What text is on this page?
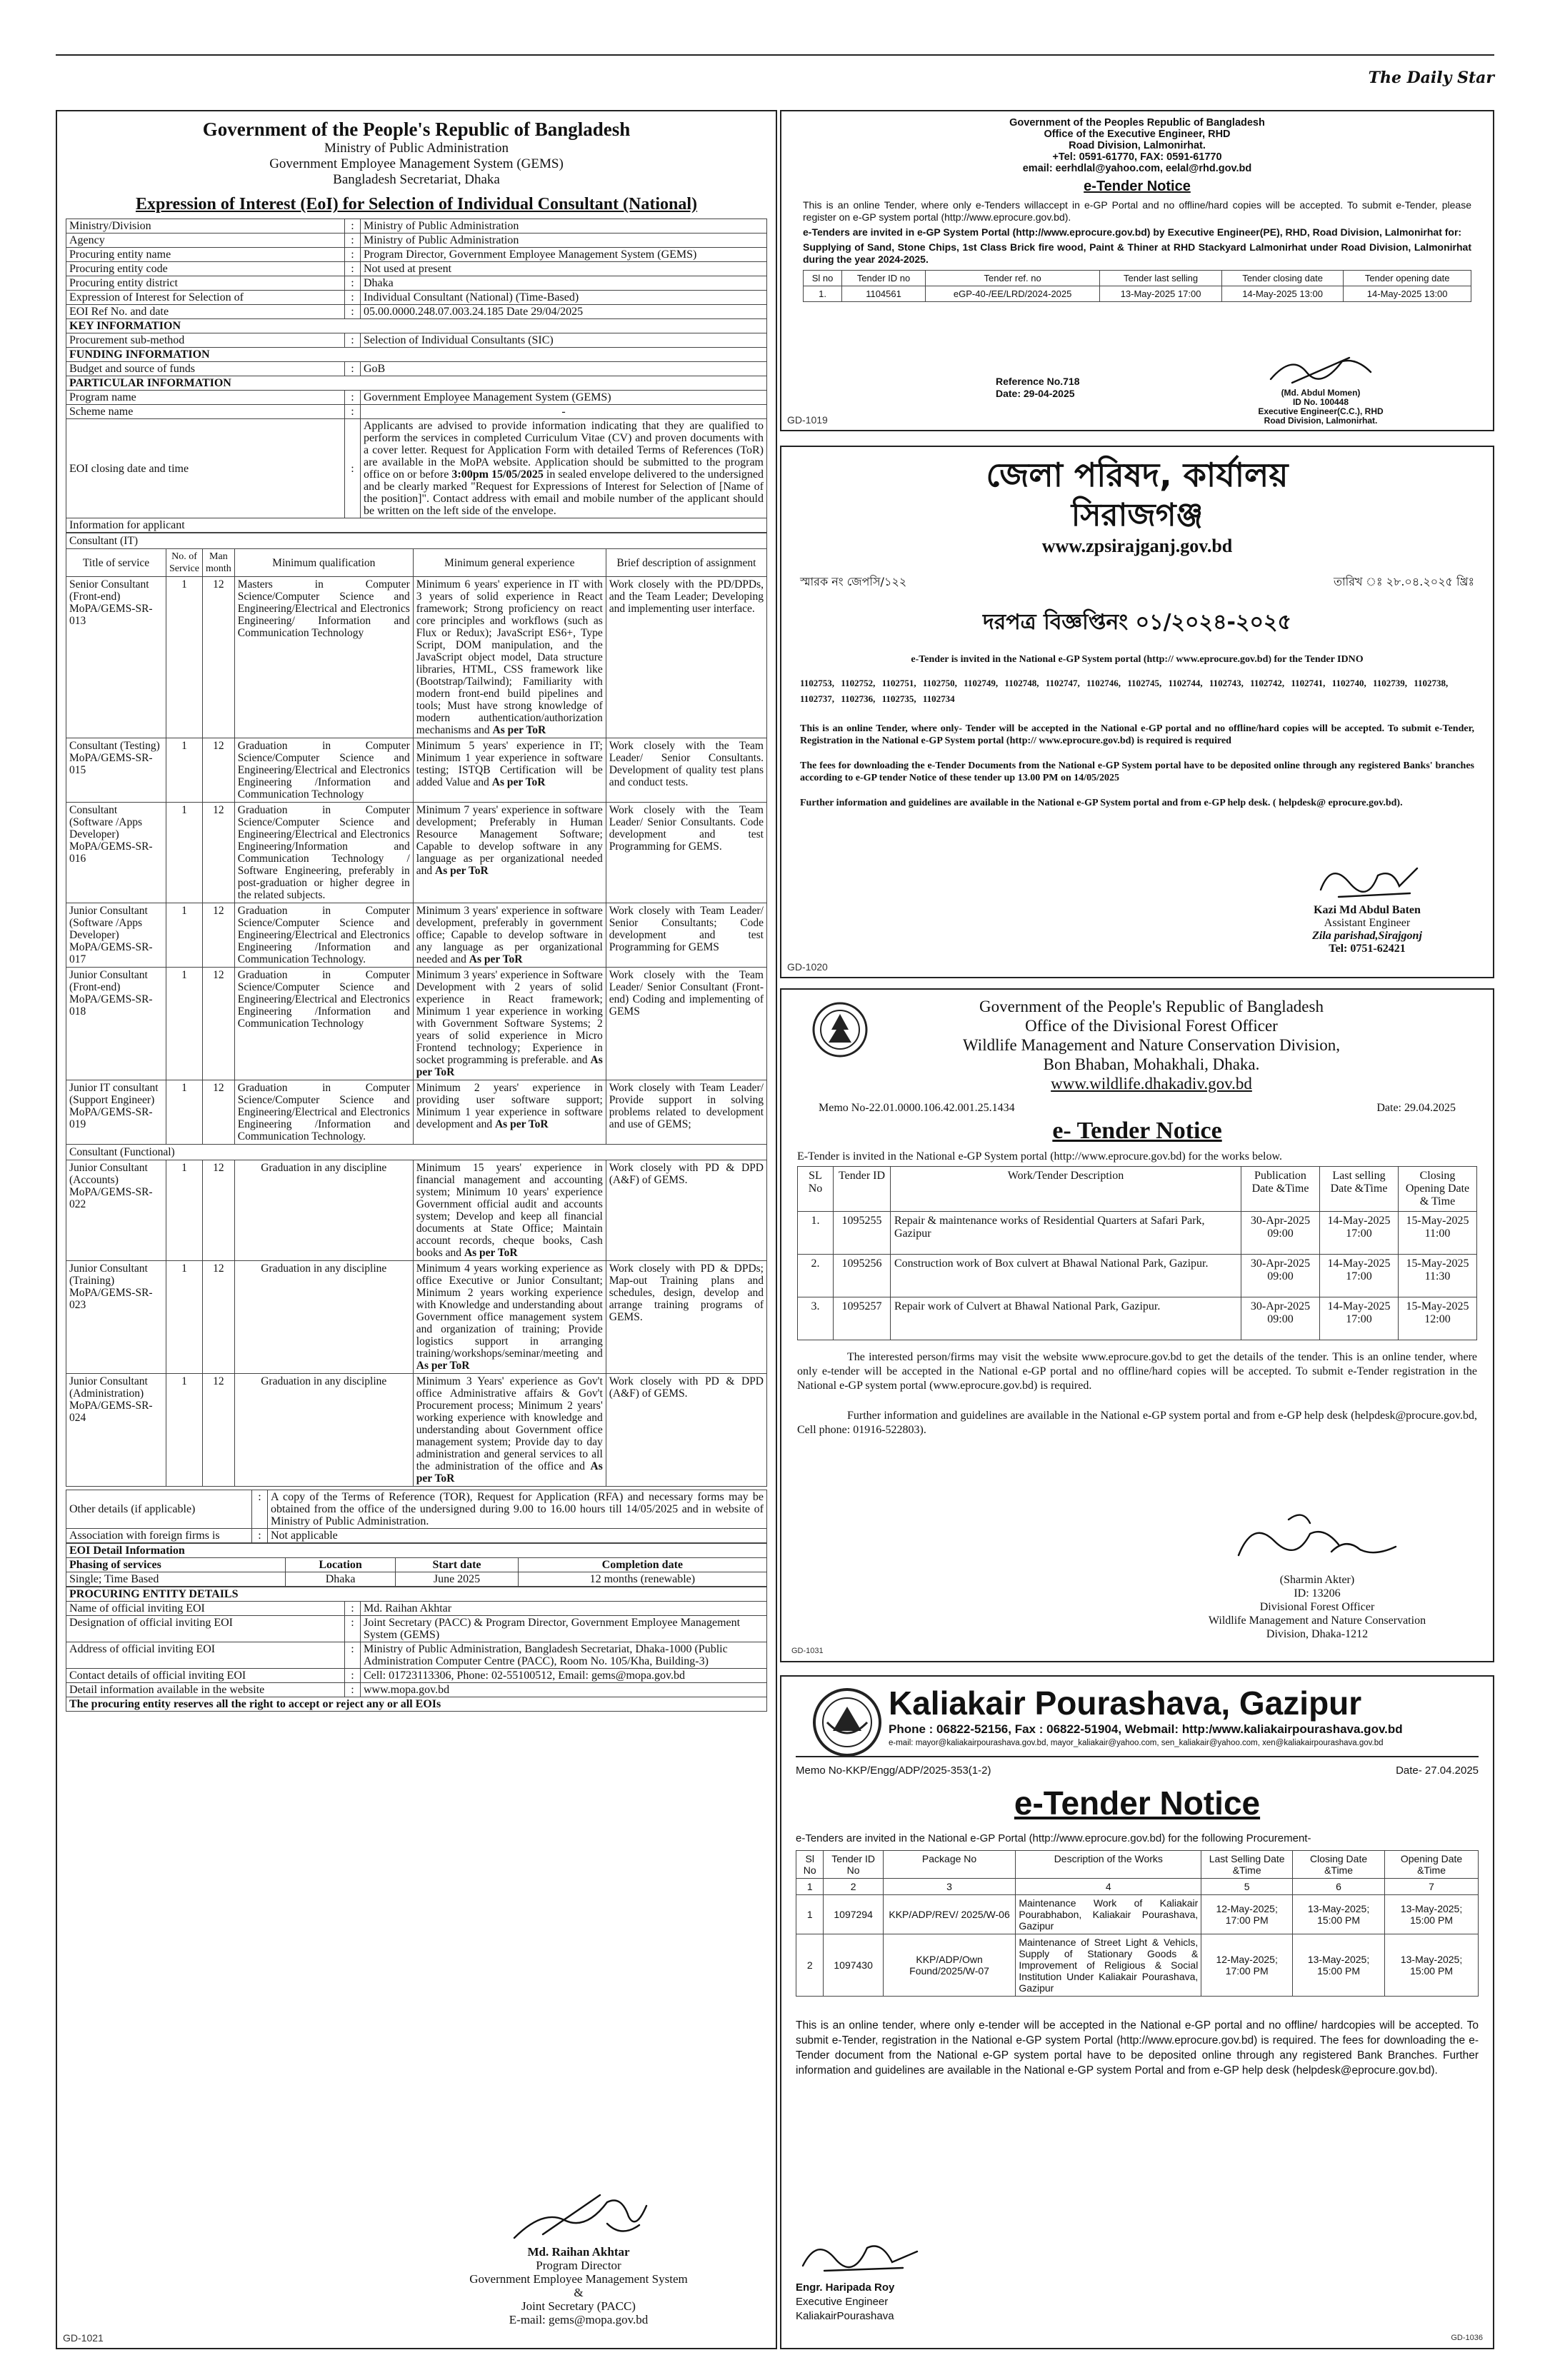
The Daily Star
Government of the People's Republic of Bangladesh
Ministry of Public Administration
Government Employee Management System (GEMS)
Bangladesh Secretariat, Dhaka
Expression of Interest (EoI) for Selection of Individual Consultant (National)
Ministry/Division	:	Ministry of Public Administration
Agency	:	Ministry of Public Administration
Procuring entity name	:	Program Director, Government Employee Management System (GEMS)
Procuring entity code	:	Not used at present
Procuring entity district	:	Dhaka
Expression of Interest for Selection of	:	Individual Consultant (National) (Time-Based)
EOI Ref No. and date	:	05.00.0000.248.07.003.24.185 Date 29/04/2025
KEY INFORMATION		
Procurement sub-method	:	Selection of Individual Consultants (SIC)
FUNDING INFORMATION		
Budget and source of funds	:	GoB
PARTICULAR INFORMATION		
Program name	:	Government Employee Management System (GEMS)
Scheme name	:	-
EOI closing date and time	:	Applicants are advised to provide information indicating that they are qualified to perform the services in completed Curriculum Vitae (CV) and proven documents with a cover letter. Request for Application Form with detailed Terms of References (ToR) are available in the MoPA website. Application should be submitted to the program office on or before 3:00pm 15/05/2025 in sealed envelope delivered to the undersigned and be clearly marked "Request for Expressions of Interest for Selection of [Name of the position]". Contact address with email and mobile number of the applicant should be written on the left side of the envelope.
Information for applicant		
Consultant (IT)					
Title of service	No. of Service	Man month	Minimum qualification	Minimum general experience	Brief description of assignment
Senior Consultant (Front-end) MoPA/GEMS-SR-013	1	12	Masters in Computer Science/Computer Science and Engineering/Electrical and Electronics Engineering/ Information and Communication Technology	Minimum 6 years' experience in IT with 3 years of solid experience in React framework; Strong proficiency on react core principles and workflows (such as Flux or Redux); JavaScript ES6+, Type Script, DOM manipulation, and the JavaScript object model, Data structure libraries, HTML, CSS framework like (Bootstrap/Tailwind); Familiarity with modern front-end build pipelines and tools; Must have strong knowledge of modern authentication/authorization mechanisms and As per ToR	Work closely with the PD/DPDs, and the Team Leader; Developing and implementing user interface.
Consultant (Testing) MoPA/GEMS-SR-015	1	12	Graduation in Computer Science/Computer Science and Engineering/Electrical and Electronics Engineering /Information and Communication Technology	Minimum 5 years' experience in IT; Minimum 1 year experience in software testing; ISTQB Certification will be added Value and As per ToR	Work closely with the Team Leader/ Senior Consultants. Development of quality test plans and conduct tests.
Consultant (Software /Apps Developer) MoPA/GEMS-SR-016	1	12	Graduation in Computer Science/Computer Science and Engineering/Electrical and Electronics Engineering/Information and Communication Technology / Software Engineering, preferably in post-graduation or higher degree in the related subjects.	Minimum 7 years' experience in software development; Preferably in Human Resource Management Software; Capable to develop software in any language as per organizational needed and As per ToR	Work closely with the Team Leader/ Senior Consultants. Code development and test Programming for GEMS.
Junior Consultant (Software /Apps Developer) MoPA/GEMS-SR-017	1	12	Graduation in Computer Science/Computer Science and Engineering/Electrical and Electronics Engineering /Information and Communication Technology.	Minimum 3 years' experience in software development, preferably in government office; Capable to develop software in any language as per organizational needed and As per ToR	Work closely with Team Leader/ Senior Consultants; Code development and test Programming for GEMS
Junior Consultant (Front-end) MoPA/GEMS-SR-018	1	12	Graduation in Computer Science/Computer Science and Engineering/Electrical and Electronics Engineering /Information and Communication Technology	Minimum 3 years' experience in Software Development with 2 years of solid experience in React framework; Minimum 1 year experience in working with Government Software Systems; 2 years of solid experience in Micro Frontend technology; Experience in socket programming is preferable. and As per ToR	Work closely with the Team Leader/ Senior Consultant (Front-end) Coding and implementing of GEMS
Junior IT consultant (Support Engineer) MoPA/GEMS-SR-019	1	12	Graduation in Computer Science/Computer Science and Engineering/Electrical and Electronics Engineering /Information and Communication Technology.	Minimum 2 years' experience in providing user software support; Minimum 1 year experience in software development and As per ToR	Work closely with Team Leader/ Provide support in solving problems related to development and use of GEMS;
Consultant (Functional)					
Junior Consultant (Accounts) MoPA/GEMS-SR-022	1	12	Graduation in any discipline	Minimum 15 years' experience in financial management and accounting system; Minimum 10 years' experience Government official audit and accounts system; Develop and keep all financial documents at State Office; Maintain account records, cheque books, Cash books and As per ToR	Work closely with PD & DPD (A&F) of GEMS.
Junior Consultant (Training) MoPA/GEMS-SR-023	1	12	Graduation in any discipline	Minimum 4 years working experience as office Executive or Junior Consultant; Minimum 2 years working experience with Knowledge and understanding about Government office management system and organization of training; Provide logistics support in arranging training/workshops/seminar/meeting and As per ToR	Work closely with PD & DPDs; Map-out Training plans and schedules, design, develop and arrange training programs of GEMS.
Junior Consultant (Administration) MoPA/GEMS-SR-024	1	12	Graduation in any discipline	Minimum 3 Years' experience as Gov't office Administrative affairs & Gov't Procurement process; Minimum 2 years' working experience with knowledge and understanding about Government office management system; Provide day to day administration and general services to all the administration of the office and As per ToR	Work closely with PD & DPD (A&F) of GEMS.
Other details (if applicable)	:	A copy of the Terms of Reference (TOR), Request for Application (RFA) and necessary forms may be obtained from the office of the undersigned during 9.00 to 16.00 hours till 14/05/2025 and in website of Ministry of Public Administration.
Association with foreign firms is	:	Not applicable
EOI Detail Information			
Phasing of services	Location	Start date	Completion date
Single; Time Based	Dhaka	June 2025	12 months (renewable)
PROCURING ENTITY DETAILS		
Name of official inviting EOI	:	Md. Raihan Akhtar
Designation of official inviting EOI	:	Joint Secretary (PACC) & Program Director, Government Employee Management System (GEMS)
Address of official inviting EOI	:	Ministry of Public Administration, Bangladesh Secretariat, Dhaka-1000 (Public Administration Computer Centre (PACC), Room No. 105/Kha, Building-3)
Contact details of official inviting EOI	:	Cell: 01723113306, Phone: 02-55100512, Email: gems@mopa.gov.bd
Detail information available in the website	:	www.mopa.gov.bd
The procuring entity reserves all the right to accept or reject any or all EOIs		
Md. Raihan Akhtar
Program Director
Government Employee Management System
&
Joint Secretary (PACC)
E-mail: gems@mopa.gov.bd
GD-1021
Government of the Peoples Republic of Bangladesh
Office of the Executive Engineer, RHD
Road Division, Lalmonirhat.
+Tel: 0591-61770, FAX: 0591-61770
email: eerhdlal@yahoo.com, eelal@rhd.gov.bd
e-Tender Notice
This is an online Tender, where only e-Tenders willaccept in e-GP Portal and no offline/hard copies will be accepted. To submit e-Tender, please register on e-GP system portal (http://www.eprocure.gov.bd).
e-Tenders are invited in e-GP System Portal (http://www.eprocure.gov.bd) by Executive Engineer(PE), RHD, Road Division, Lalmonirhat for:
Supplying of Sand, Stone Chips, 1st Class Brick fire wood, Paint & Thiner at RHD Stackyard Lalmonirhat under Road Division, Lalmonirhat during the year 2024-2025.
Sl no	Tender ID no	Tender ref. no	Tender last selling	Tender closing date	Tender opening date
1.	1104561	eGP-40-/EE/LRD/2024-2025	13-May-2025 17:00	14-May-2025 13:00	14-May-2025 13:00
Reference No.718
Date: 29-04-2025	(Md. Abdul Momen)
ID No. 100448
Executive Engineer(C.C.), RHD
Road Division, Lalmonirhat.
GD-1019
জেলা পরিষদ, কার্যালয়
সিরাজগঞ্জ
www.zpsirajganj.gov.bd
স্মারক নং জেপসি/১২২	তারিখ ঃ ২৮.০৪.২০২৫ খ্রিঃ
দরপত্র বিজ্ঞপ্তিনং ০১/২০২৪-২০২৫
e-Tender is invited in the National e-GP System portal (http:// www.eprocure.gov.bd) for the Tender IDNO
1102753, 1102752, 1102751, 1102750, 1102749, 1102748, 1102747, 1102746, 1102745, 1102744, 1102743, 1102742, 1102741, 1102740, 1102739, 1102738, 1102737, 1102736, 1102735, 1102734
This is an online Tender, where only- Tender will be accepted in the National e-GP portal and no offline/hard copies will be accepted. To submit e-Tender, Registration in the National e-GP System portal (http:// www.eprocure.gov.bd) is required is required
The fees for downloading the e-Tender Documents from the National e-GP System portal have to be deposited online through any registered Banks' branches according to e-GP tender Notice of these tender up 13.00 PM on 14/05/2025
Further information and guidelines are available in the National e-GP System portal and from e-GP help desk. ( helpdesk@ eprocure.gov.bd).
Kazi Md Abdul Baten
Assistant Engineer
Zila parishad,Sirajgonj
Tel: 0751-62421
GD-1020
Government of the People's Republic of Bangladesh
Office of the Divisional Forest Officer
Wildlife Management and Nature Conservation Division,
Bon Bhaban, Mohakhali, Dhaka.
www.wildlife.dhakadiv.gov.bd
Memo No-22.01.0000.106.42.001.25.1434	Date: 29.04.2025
e- Tender Notice
E-Tender is invited in the National e-GP System portal (http://www.eprocure.gov.bd) for the works below.
SL No	Tender ID	Work/Tender Description	Publication Date &Time	Last selling Date &Time	Closing Opening Date & Time
1.	1095255	Repair & maintenance works of Residential Quarters at Safari Park, Gazipur	30-Apr-2025 09:00	14-May-2025 17:00	15-May-2025 11:00
2.	1095256	Construction work of Box culvert at Bhawal National Park, Gazipur.	30-Apr-2025 09:00	14-May-2025 17:00	15-May-2025 11:30
3.	1095257	Repair work of Culvert at Bhawal National Park, Gazipur.	30-Apr-2025 09:00	14-May-2025 17:00	15-May-2025 12:00
The interested person/firms may visit the website www.eprocure.gov.bd to get the details of the tender. This is an online tender, where only e-tender will be accepted in the National e-GP portal and no offline/hard copies will be accepted. To submit e-Tender registration in the National e-GP system portal (www.eprocure.gov.bd) is required.
Further information and guidelines are available in the National e-GP system portal and from e-GP help desk (helpdesk@procure.gov.bd, Cell phone: 01916-522803).
(Sharmin Akter)
ID: 13206
Divisional Forest Officer
Wildlife Management and Nature Conservation
Division, Dhaka-1212
GD-1031
Kaliakair Pourashava, Gazipur
Phone : 06822-52156, Fax : 06822-51904, Webmail: http:/www.kaliakairpourashava.gov.bd
e-mail: mayor@kaliakairpourashava.gov.bd, mayor_kaliakair@yahoo.com, sen_kaliakair@yahoo.com, xen@kaliakairpourashava.gov.bd
Memo No-KKP/Engg/ADP/2025-353(1-2)	Date- 27.04.2025
e-Tender Notice
e-Tenders are invited in the National e-GP Portal (http://www.eprocure.gov.bd) for the following Procurement-
Sl No	Tender ID No	Package No	Description of the Works	Last Selling Date &Time	Closing Date &Time	Opening Date &Time
1	2	3	4	5	6	7
1	1097294	KKP/ADP/REV/ 2025/W-06	Maintenance Work of Kaliakair Pourabhabon, Kaliakair Pourashava, Gazipur	12-May-2025; 17:00 PM	13-May-2025; 15:00 PM	13-May-2025; 15:00 PM
2	1097430	KKP/ADP/Own Found/2025/W-07	Maintenance of Street Light & Vehicls, Supply of Stationary Goods & Improvement of Religious & Social Institution Under Kaliakair Pourashava, Gazipur	12-May-2025; 17:00 PM	13-May-2025; 15:00 PM	13-May-2025; 15:00 PM
This is an online tender, where only e-tender will be accepted in the National e-GP portal and no offline/ hardcopies will be accepted. To submit e-Tender, registration in the National e-GP system Portal (http://www.eprocure.gov.bd) is required. The fees for downloading the e-Tender document from the National e-GP system portal have to be deposited online through any registered Bank Branches. Further information and guidelines are available in the National e-GP system Portal and from e-GP help desk (helpdesk@eprocure.gov.bd).
Engr. Haripada Roy
Executive Engineer
KaliakairPourashava
GD-1036
